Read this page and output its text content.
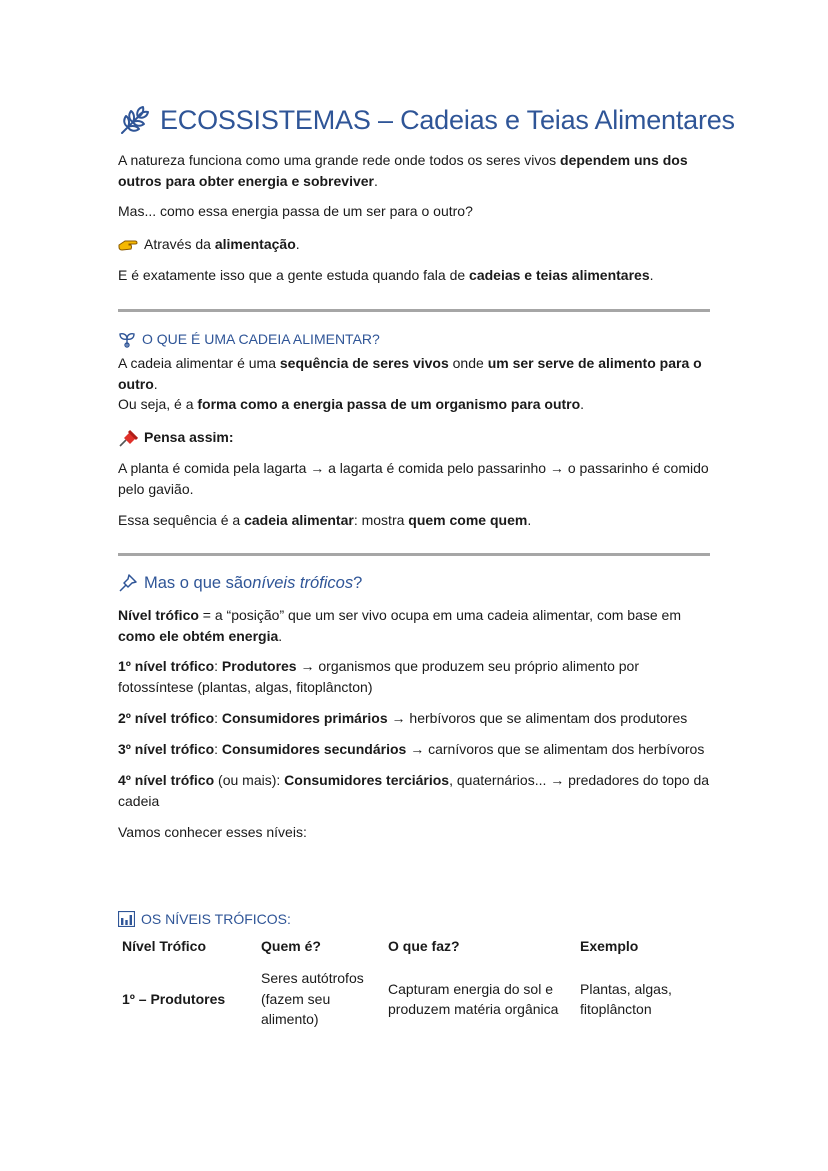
ECOSSISTEMAS – Cadeias e Teias Alimentares

A natureza funciona como uma grande rede onde todos os seres vivos dependem uns dos outros para obter energia e sobreviver.

Mas... como essa energia passa de um ser para o outro?

Através da alimentação.

E é exatamente isso que a gente estuda quando fala de cadeias e teias alimentares.

O QUE É UMA CADEIA ALIMENTAR?

A cadeia alimentar é uma sequência de seres vivos onde um ser serve de alimento para o outro.

Ou seja, é a forma como a energia passa de um organismo para outro.

Pensa assim:

A planta é comida pela lagarta → a lagarta é comida pelo passarinho → o passarinho é comido pelo gavião.

Essa sequência é a cadeia alimentar: mostra quem come quem.

Mas o que são níveis tróficos ?

Nível trófico = a “posição” que um ser vivo ocupa em uma cadeia alimentar, com base em como ele obtém energia.

1º nível trófico: Produtores → organismos que produzem seu próprio alimento por fotossíntese (plantas, algas, fitoplâncton)

2º nível trófico: Consumidores primários → herbívoros que se alimentam dos produtores

3º nível trófico: Consumidores secundários → carnívoros que se alimentam dos herbívoros

4º nível trófico (ou mais): Consumidores terciários, quaternários... → predadores do topo da cadeia

Vamos conhecer esses níveis:

OS NÍVEIS TRÓFICOS:
Nível Trófico	Quem é?	O que faz?	Exemplo
1º – Produtores	Seres autótrofos (fazem seu alimento)	Capturam energia do sol e produzem matéria orgânica	Plantas, algas, fitoplâncton
